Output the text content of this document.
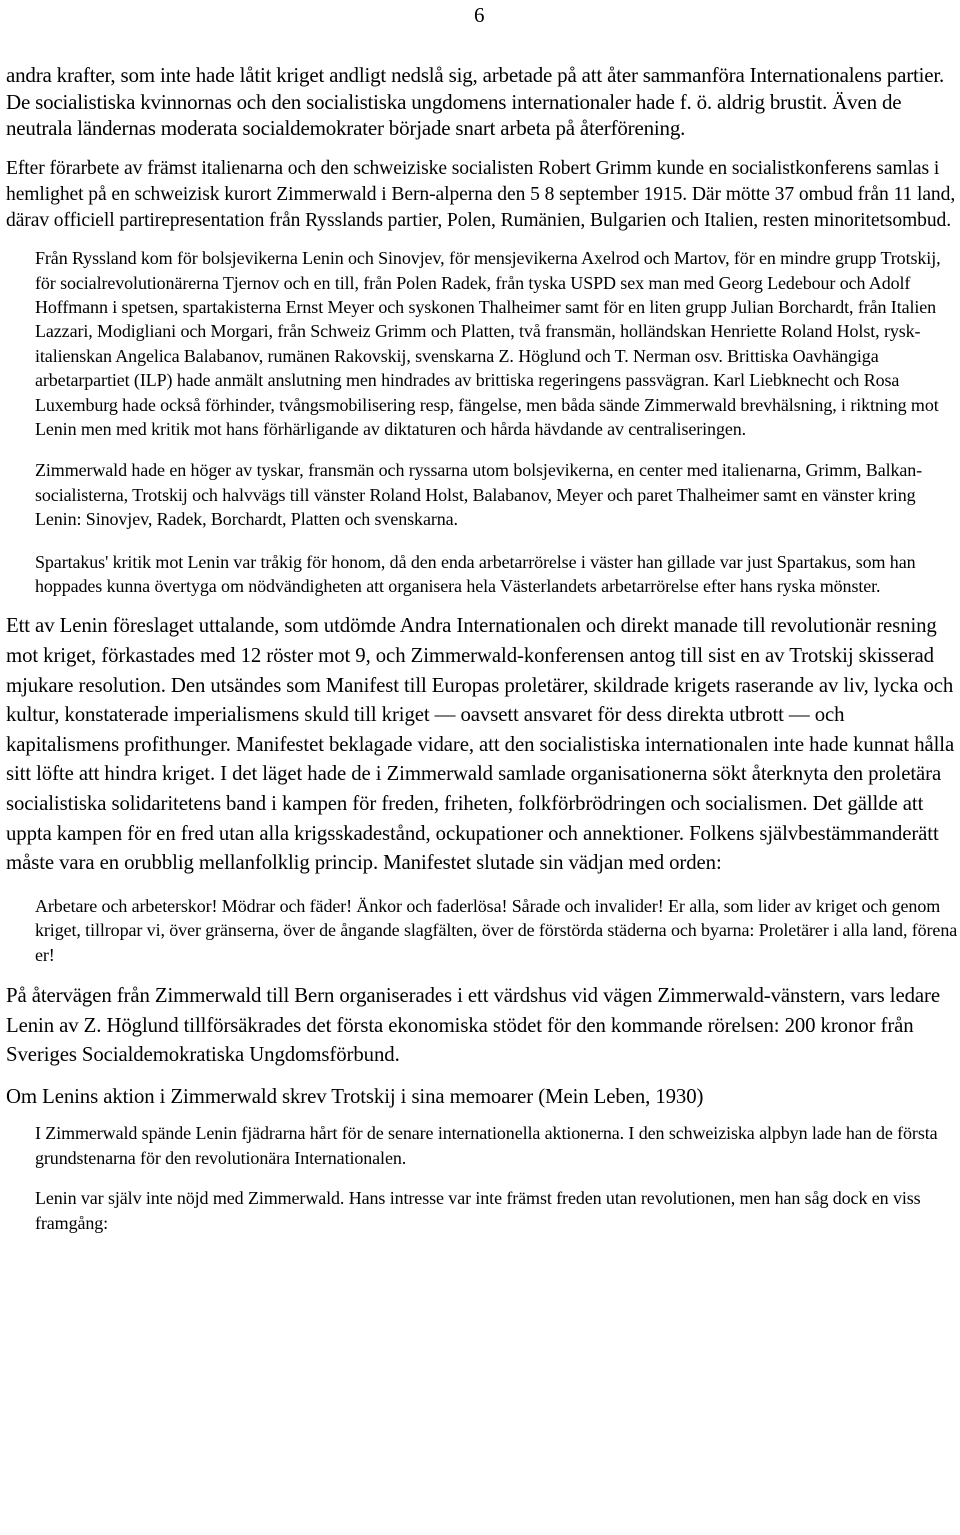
6

andra krafter, som inte hade låtit kriget andligt nedslå sig, arbetade på att åter sammanföra Internationalens partier. De socialistiska kvinnornas och den socialistiska ungdomens internationaler hade f. ö. aldrig brustit. Även de neutrala ländernas moderata socialdemokrater började snart arbeta på återförening.

Efter förarbete av främst italienarna och den schweiziske socialisten Robert Grimm kunde en socialistkonferens samlas i hemlighet på en schweizisk kurort Zimmerwald i Bern-alperna den 5 8 september 1915. Där mötte 37 ombud från 11 land, därav officiell partirepresentation från Rysslands partier, Polen, Rumänien, Bulgarien och Italien, resten minoritetsombud.

Från Ryssland kom för bolsjevikerna Lenin och Sinovjev, för mensjevikerna Axelrod och Martov, för en mindre grupp Trotskij, för socialrevolutionärerna Tjernov och en till, från Polen Radek, från tyska USPD sex man med Georg Ledebour och Adolf Hoffmann i spetsen, spartakisterna Ernst Meyer och syskonen Thalheimer samt för en liten grupp Julian Borchardt, från Italien Lazzari, Modigliani och Morgari, från Schweiz Grimm och Platten, två fransmän, holländskan Henriette Roland Holst, rysk-italienskan Angelica Balabanov, rumänen Rakovskij, svenskarna Z. Höglund och T. Nerman osv. Brittiska Oavhängiga arbetarpartiet (ILP) hade anmält anslutning men hindrades av brittiska regeringens passvägran. Karl Liebknecht och Rosa Luxemburg hade också förhinder, tvångsmobilisering resp, fängelse, men båda sände Zimmerwald brevhälsning, i riktning mot Lenin men med kritik mot hans förhärligande av diktaturen och hårda hävdande av centraliseringen.

Zimmerwald hade en höger av tyskar, fransmän och ryssarna utom bolsjevikerna, en center med italienarna, Grimm, Balkan-socialisterna, Trotskij och halvvägs till vänster Roland Holst, Balabanov, Meyer och paret Thalheimer samt en vänster kring Lenin: Sinovjev, Radek, Borchardt, Platten och svenskarna.

Spartakus' kritik mot Lenin var tråkig för honom, då den enda arbetarrörelse i väster han gillade var just Spartakus, som han hoppades kunna övertyga om nödvändigheten att organisera hela Västerlandets arbetarrörelse efter hans ryska mönster.

Ett av Lenin föreslaget uttalande, som utdömde Andra Internationalen och direkt manade till revolutionär resning mot kriget, förkastades med 12 röster mot 9, och Zimmerwald-konferensen antog till sist en av Trotskij skisserad mjukare resolution. Den utsändes som Manifest till Europas proletärer, skildrade krigets raserande av liv, lycka och kultur, konstaterade imperialismens skuld till kriget — oavsett ansvaret för dess direkta utbrott — och kapitalismens profithunger. Manifestet beklagade vidare, att den socialistiska internationalen inte hade kunnat hålla sitt löfte att hindra kriget. I det läget hade de i Zimmerwald samlade organisationerna sökt återknyta den proletära socialistiska solidaritetens band i kampen för freden, friheten, folkförbrödringen och socialismen. Det gällde att uppta kampen för en fred utan alla krigsskadestånd, ockupationer och annektioner. Folkens självbestämmanderätt måste vara en orubblig mellanfolklig princip. Manifestet slutade sin vädjan med orden:

Arbetare och arbeterskor! Mödrar och fäder! Änkor och faderlösa! Sårade och invalider! Er alla, som lider av kriget och genom kriget, tillropar vi, över gränserna, över de ångande slagfälten, över de förstörda städerna och byarna: Proletärer i alla land, förena er!

På återvägen från Zimmerwald till Bern organiserades i ett värdshus vid vägen Zimmerwald-vänstern, vars ledare Lenin av Z. Höglund tillförsäkrades det första ekonomiska stödet för den kommande rörelsen: 200 kronor från Sveriges Socialdemokratiska Ungdomsförbund.

Om Lenins aktion i Zimmerwald skrev Trotskij i sina memoarer (Mein Leben, 1930)

I Zimmerwald spände Lenin fjädrarna hårt för de senare internationella aktionerna. I den schweiziska alpbyn lade han de första grundstenarna för den revolutionära Internationalen.

Lenin var själv inte nöjd med Zimmerwald. Hans intresse var inte främst freden utan revolutionen, men han såg dock en viss framgång:
